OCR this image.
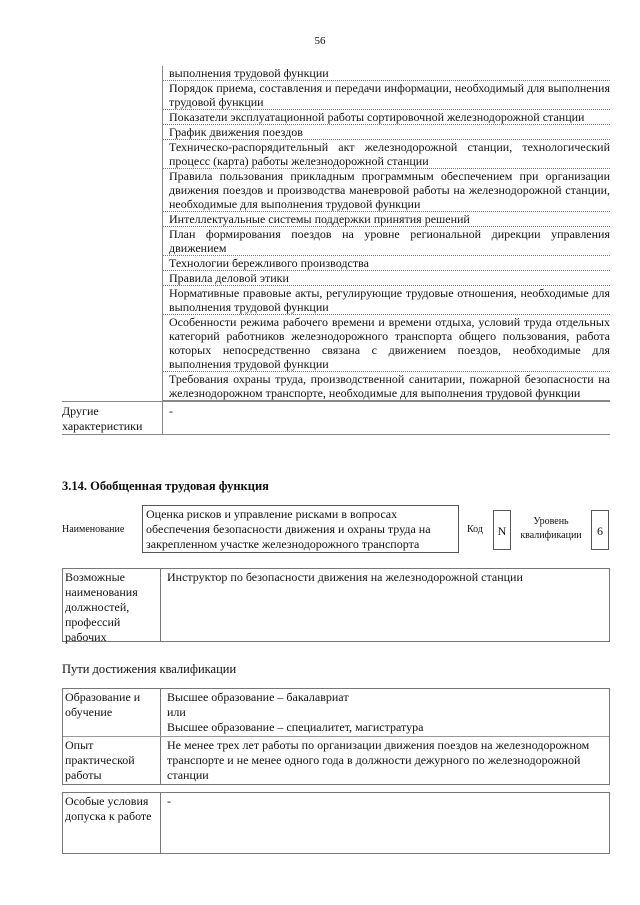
56
выполнения трудовой функции
Порядок приема, составления и передачи информации, необходимый для выполнения трудовой функции
Показатели эксплуатационной работы сортировочной железнодорожной станции
График движения поездов
Техническо-распорядительный акт железнодорожной станции, технологический процесс (карта) работы железнодорожной станции
Правила пользования прикладным программным обеспечением при организации движения поездов и производства маневровой работы на железнодорожной станции, необходимые для выполнения трудовой функции
Интеллектуальные системы поддержки принятия решений
План формирования поездов на уровне региональной дирекции управления движением
Технологии бережливого производства
Правила деловой этики
Нормативные правовые акты, регулирующие трудовые отношения, необходимые для выполнения трудовой функции
Особенности режима рабочего времени и времени отдыха, условий труда отдельных категорий работников железнодорожного транспорта общего пользования, работа которых непосредственно связана с движением поездов, необходимые для выполнения трудовой функции
Требования охраны труда, производственной санитарии, пожарной безопасности на железнодорожном транспорте, необходимые для выполнения трудовой функции
Другие характеристики
-
3.14. Обобщенная трудовая функция
Наименование
Оценка рисков и управление рисками в вопросах обеспечения безопасности движения и охраны труда на закрепленном участке железнодорожного транспорта
Код	N
Уровень квалификации	6
Возможные наименования должностей, профессий рабочих
Инструктор по безопасности движения на железнодорожной станции
Пути достижения квалификации
Образование и обучение
Высшее образование – бакалавриат
или
Высшее образование – специалитет, магистратура
Опыт практической работы
Не менее трех лет работы по организации движения поездов на железнодорожном транспорте и не менее одного года в должности дежурного по железнодорожной станции
Особые условия допуска к работе
-
